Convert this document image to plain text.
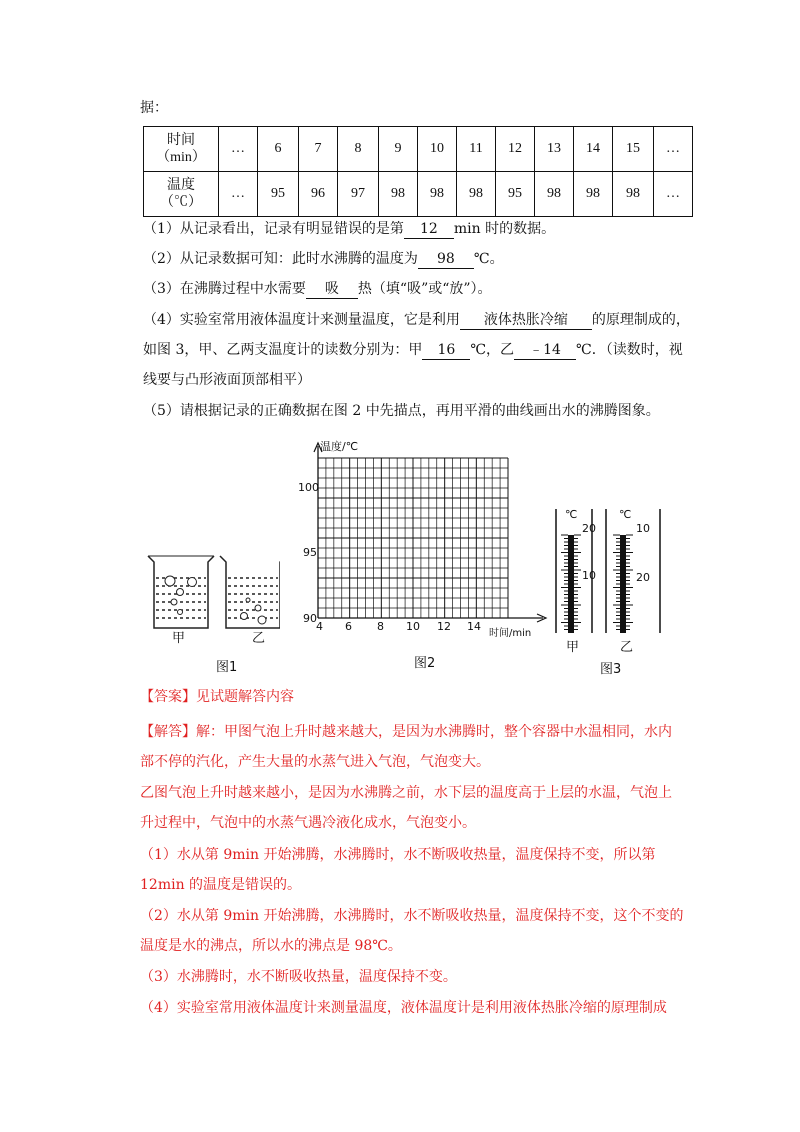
据：
时间
（min）	…	6	7	8	9	10	11	12	13	14	15	…

温度
（℃）	…	95	96	97	98	98	98	95	98	98	98	…
（1）从记录看出，记录有明显错误的是第 12 min 时的数据。
（2）从记录数据可知：此时水沸腾的温度为 98 ℃。
（3）在沸腾过程中水需要 吸 热（填“吸”或“放”）。
（4）实验室常用液体温度计来测量温度，它是利用 液体热胀冷缩 的原理制成的，
如图 3，甲、乙两支温度计的读数分别为：甲 16 ℃，乙 ﹣14 ℃．（读数时，视
线要与凸形液面顶部相平）
（5）请根据记录的正确数据在图 2 中先描点，再用平滑的曲线画出水的沸腾图象。
甲	乙
图1
温度/℃
100
95
90
4 6 8 10 12 14
时间/min
图2
℃	℃
20
10
10
20
甲	乙
图3
【答案】见试题解答内容
【解答】解：甲图气泡上升时越来越大，是因为水沸腾时，整个容器中水温相同，水内
部不停的汽化，产生大量的水蒸气进入气泡，气泡变大。
乙图气泡上升时越来越小，是因为水沸腾之前，水下层的温度高于上层的水温，气泡上
升过程中，气泡中的水蒸气遇冷液化成水，气泡变小。
（1）水从第 9min 开始沸腾，水沸腾时，水不断吸收热量，温度保持不变，所以第
12min 的温度是错误的。
（2）水从第 9min 开始沸腾，水沸腾时，水不断吸收热量，温度保持不变，这个不变的
温度是水的沸点，所以水的沸点是 98℃。
（3）水沸腾时，水不断吸收热量，温度保持不变。
（4）实验室常用液体温度计来测量温度，液体温度计是利用液体热胀冷缩的原理制成
